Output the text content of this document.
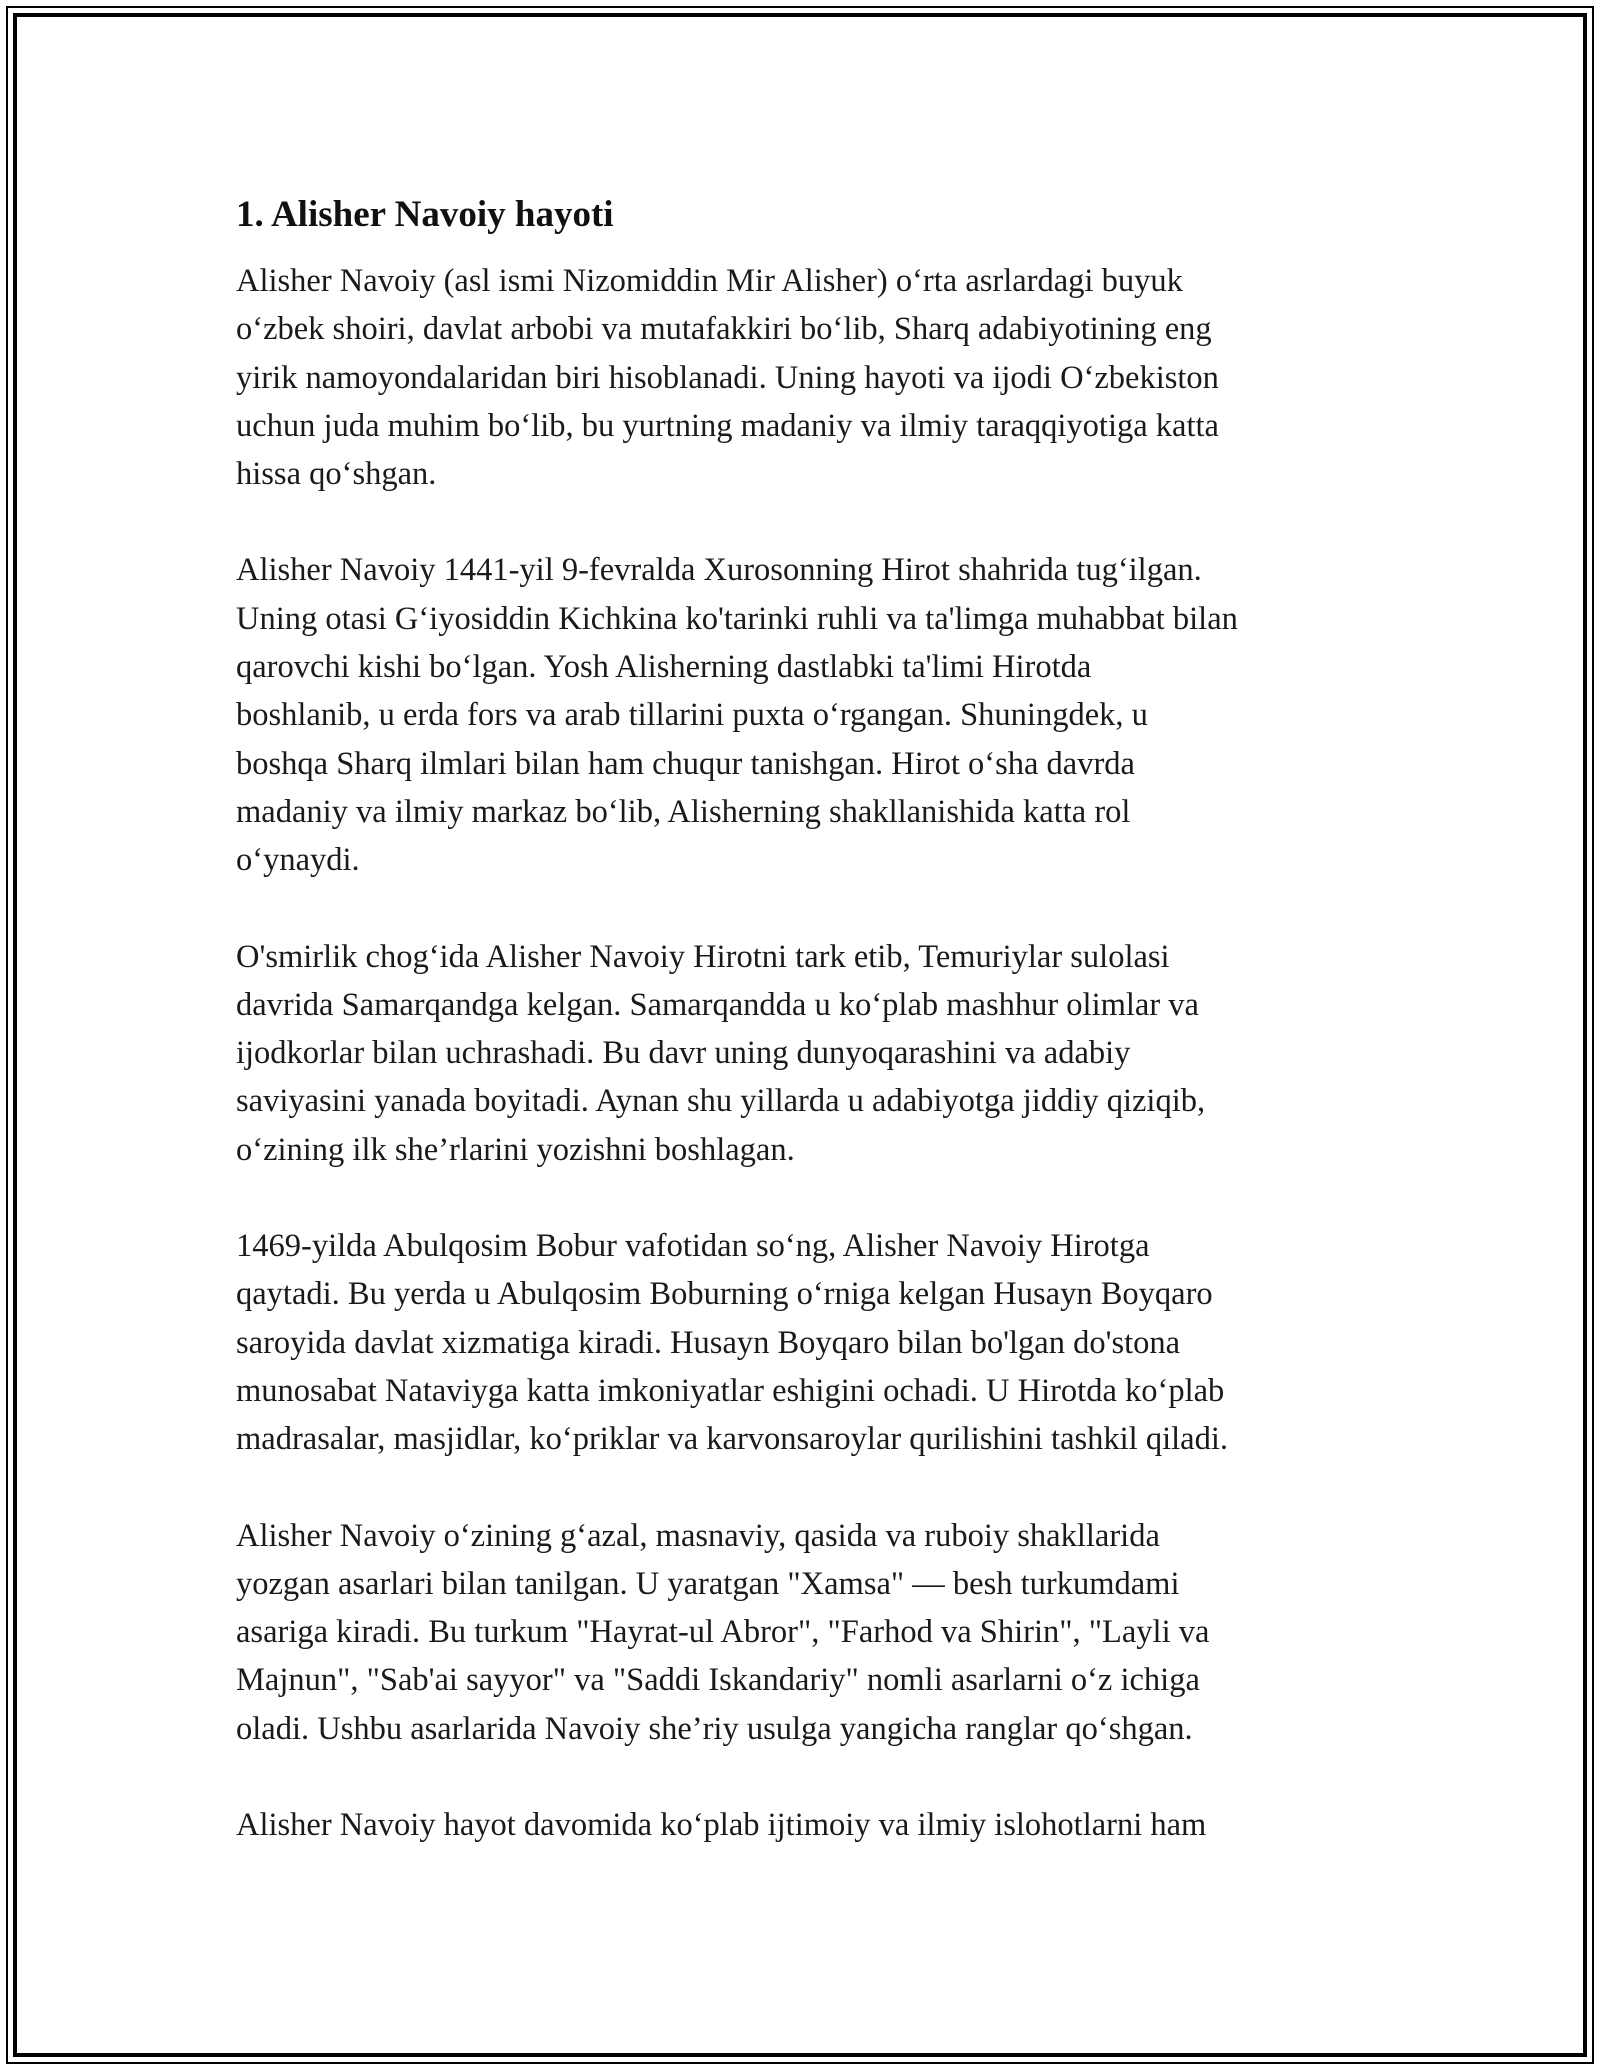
1. Alisher Navoiy hayoti
Alisher Navoiy (asl ismi Nizomiddin Mir Alisher) o‘rta asrlardagi buyuk
o‘zbek shoiri, davlat arbobi va mutafakkiri bo‘lib, Sharq adabiyotining eng
yirik namoyondalaridan biri hisoblanadi. Uning hayoti va ijodi O‘zbekiston
uchun juda muhim bo‘lib, bu yurtning madaniy va ilmiy taraqqiyotiga katta
hissa qo‘shgan.
Alisher Navoiy 1441-yil 9-fevralda Xurosonning Hirot shahrida tug‘ilgan.
Uning otasi G‘iyosiddin Kichkina ko'tarinki ruhli va ta'limga muhabbat bilan
qarovchi kishi bo‘lgan. Yosh Alisherning dastlabki ta'limi Hirotda
boshlanib, u erda fors va arab tillarini puxta o‘rgangan. Shuningdek, u
boshqa Sharq ilmlari bilan ham chuqur tanishgan. Hirot o‘sha davrda
madaniy va ilmiy markaz bo‘lib, Alisherning shakllanishida katta rol
o‘ynaydi.
O'smirlik chog‘ida Alisher Navoiy Hirotni tark etib, Temuriylar sulolasi
davrida Samarqandga kelgan. Samarqandda u ko‘plab mashhur olimlar va
ijodkorlar bilan uchrashadi. Bu davr uning dunyoqarashini va adabiy
saviyasini yanada boyitadi. Aynan shu yillarda u adabiyotga jiddiy qiziqib,
o‘zining ilk she’rlarini yozishni boshlagan.
1469-yilda Abulqosim Bobur vafotidan so‘ng, Alisher Navoiy Hirotga
qaytadi. Bu yerda u Abulqosim Boburning o‘rniga kelgan Husayn Boyqaro
saroyida davlat xizmatiga kiradi. Husayn Boyqaro bilan bo'lgan do'stona
munosabat Nataviyga katta imkoniyatlar eshigini ochadi. U Hirotda ko‘plab
madrasalar, masjidlar, ko‘priklar va karvonsaroylar qurilishini tashkil qiladi.
Alisher Navoiy o‘zining g‘azal, masnaviy, qasida va ruboiy shakllarida
yozgan asarlari bilan tanilgan. U yaratgan "Xamsa" — besh turkumdami
asariga kiradi. Bu turkum "Hayrat-ul Abror", "Farhod va Shirin", "Layli va
Majnun", "Sab'ai sayyor" va "Saddi Iskandariy" nomli asarlarni o‘z ichiga
oladi. Ushbu asarlarida Navoiy she’riy usulga yangicha ranglar qo‘shgan.
Alisher Navoiy hayot davomida ko‘plab ijtimoiy va ilmiy islohotlarni ham
